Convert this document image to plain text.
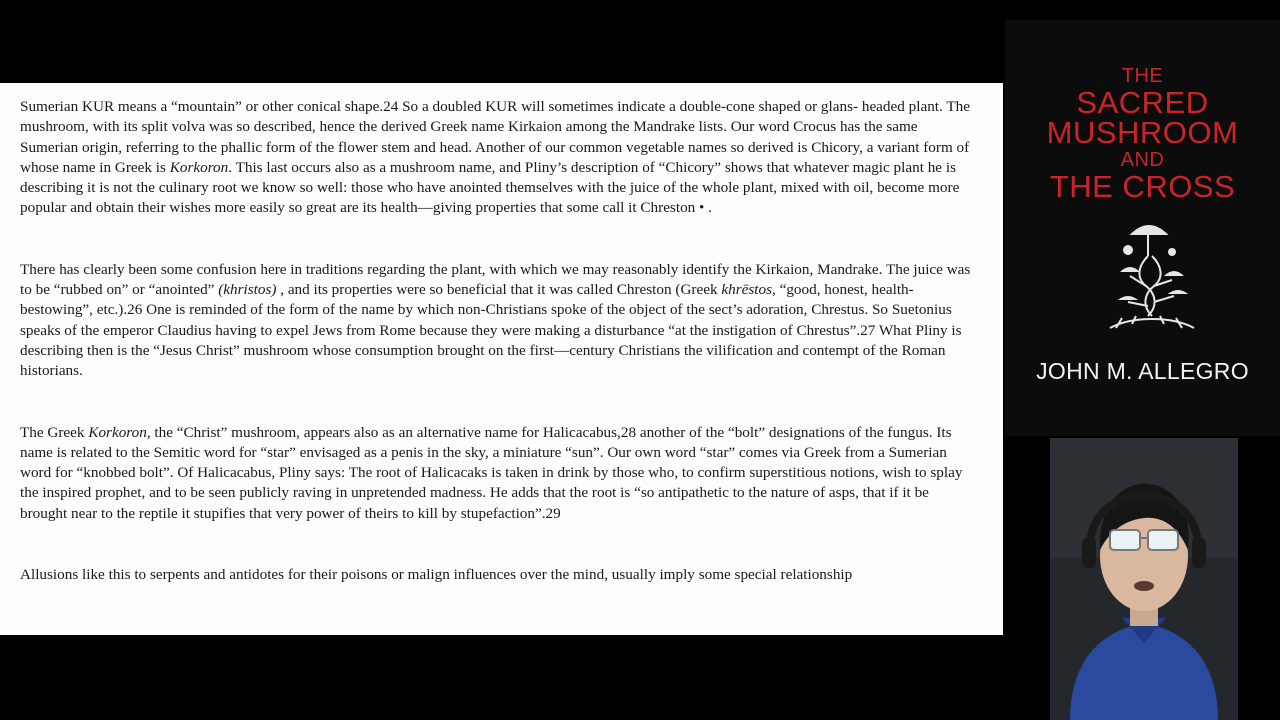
Sumerian KUR means a “mountain” or other conical shape.24 So a doubled KUR will sometimes indicate a double-cone shaped or glans- headed plant. The mushroom, with its split volva was so described, hence the derived Greek name Kirkaion among the Mandrake lists. Our word Crocus has the same Sumerian origin, referring to the phallic form of the flower stem and head. Another of our common vegetable names so derived is Chicory, a variant form of whose name in Greek is Korkoron. This last occurs also as a mushroom name, and Pliny’s description of “Chicory” shows that whatever magic plant he is describing it is not the culinary root we know so well: those who have anointed themselves with the juice of the whole plant, mixed with oil, become more popular and obtain their wishes more easily so great are its health—giving properties that some call it Chreston • .

There has clearly been some confusion here in traditions regarding the plant, with which we may reasonably identify the Kirkaion, Mandrake. The juice was to be “rubbed on” or “anointed” (khristos) , and its properties were so beneficial that it was called Chreston (Greek khrēstos, “good, honest, health-bestowing”, etc.).26 One is reminded of the form of the name by which non-Christians spoke of the object of the sect’s adoration, Chrestus. So Suetonius speaks of the emperor Claudius having to expel Jews from Rome because they were making a disturbance “at the instigation of Chrestus”.27 What Pliny is describing then is the “Jesus Christ” mushroom whose consumption brought on the first—century Christians the vilification and contempt of the Roman historians.

The Greek Korkoron, the “Christ” mushroom, appears also as an alternative name for Halicacabus,28 another of the “bolt” designations of the fungus. Its name is related to the Semitic word for “star” envisaged as a penis in the sky, a miniature “sun”. Our own word “star” comes via Greek from a Sumerian word for “knobbed bolt”. Of Halicacabus, Pliny says: The root of Halicacaks is taken in drink by those who, to confirm superstitious notions, wish to splay the inspired prophet, and to be seen publicly raving in unpretended madness. He adds that the root is “so antipathetic to the nature of asps, that if it be brought near to the reptile it stupifies that very power of theirs to kill by stupefaction”.29

Allusions like this to serpents and antidotes for their poisons or malign influences over the mind, usually imply some special relationship

THE
SACRED
MUSHROOM
AND
THE CROSS
JOHN M. ALLEGRO
